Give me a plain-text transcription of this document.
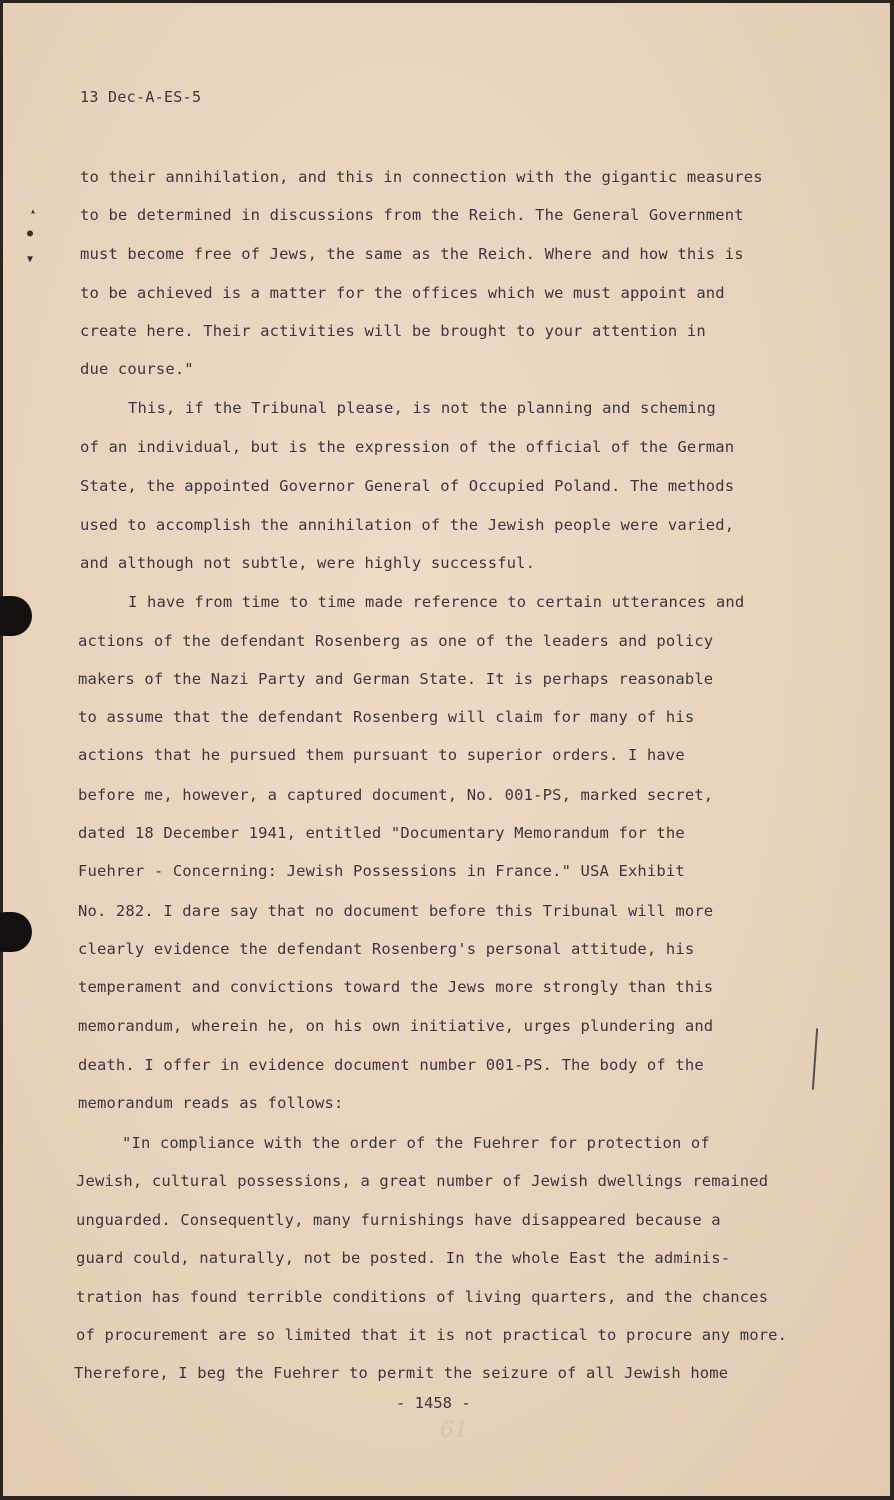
▴
●
▼
13 Dec-A-ES-5
to their annihilation, and this in connection with the gigantic measures
to be determined in discussions from the Reich. The General Government
must become free of Jews, the same as the Reich. Where and how this is
to be achieved is a matter for the offices which we must appoint and
create here. Their activities will be brought to your attention in
due course."
This, if the Tribunal please, is not the planning and scheming
of an individual, but is the expression of the official of the German
State, the appointed Governor General of Occupied Poland. The methods
used to accomplish the annihilation of the Jewish people were varied,
and although not subtle, were highly successful.
I have from time to time made reference to certain utterances and
actions of the defendant Rosenberg as one of the leaders and policy
makers of the Nazi Party and German State. It is perhaps reasonable
to assume that the defendant Rosenberg will claim for many of his
actions that he pursued them pursuant to superior orders. I have
before me, however, a captured document, No. 001-PS, marked secret,
dated 18 December 1941, entitled "Documentary Memorandum for the
Fuehrer - Concerning: Jewish Possessions in France." USA Exhibit
No. 282. I dare say that no document before this Tribunal will more
clearly evidence the defendant Rosenberg's personal attitude, his
temperament and convictions toward the Jews more strongly than this
memorandum, wherein he, on his own initiative, urges plundering and
death. I offer in evidence document number 001-PS. The body of the
memorandum reads as follows:
"In compliance with the order of the Fuehrer for protection of
Jewish, cultural possessions, a great number of Jewish dwellings remained
unguarded. Consequently, many furnishings have disappeared because a
guard could, naturally, not be posted. In the whole East the adminis-
tration has found terrible conditions of living quarters, and the chances
of procurement are so limited that it is not practical to procure any more.
Therefore, I beg the Fuehrer to permit the seizure of all Jewish home
- 1458 -
61
